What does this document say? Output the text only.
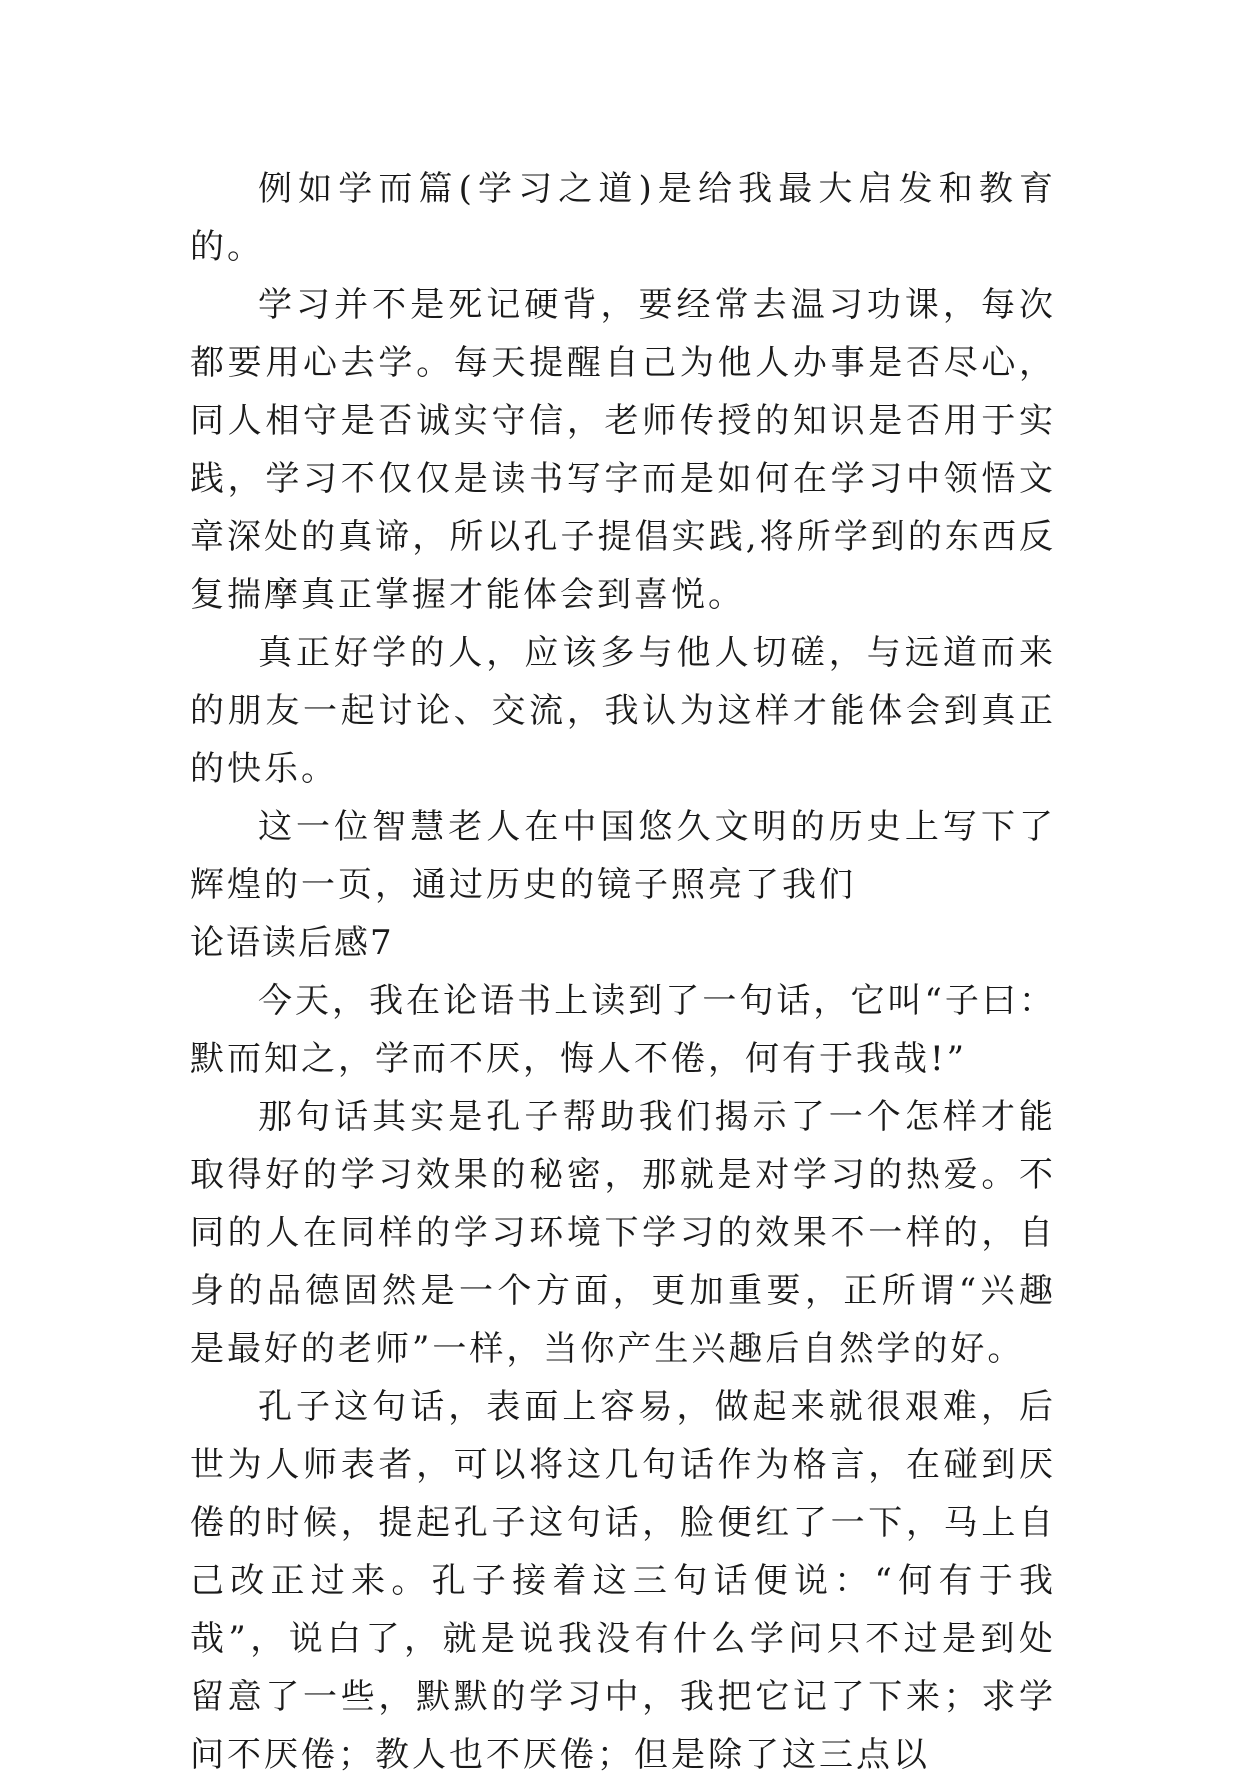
例如学而篇(学习之道)是给我最大启发和教育的。

学习并不是死记硬背，要经常去温习功课，每次都要用心去学。每天提醒自己为他人办事是否尽心，同人相守是否诚实守信，老师传授的知识是否用于实践，学习不仅仅是读书写字而是如何在学习中领悟文章深处的真谛，所以孔子提倡实践,将所学到的东西反复揣摩真正掌握才能体会到喜悦。

真正好学的人，应该多与他人切磋，与远道而来的朋友一起讨论、交流，我认为这样才能体会到真正的快乐。

这一位智慧老人在中国悠久文明的历史上写下了辉煌的一页，通过历史的镜子照亮了我们

论语读后感7

今天，我在论语书上读到了一句话，它叫“子曰：默而知之，学而不厌，悔人不倦，何有于我哉!”

那句话其实是孔子帮助我们揭示了一个怎样才能取得好的学习效果的秘密，那就是对学习的热爱。不同的人在同样的学习环境下学习的效果不一样的，自身的品德固然是一个方面，更加重要，正所谓“兴趣是最好的老师”一样，当你产生兴趣后自然学的好。

孔子这句话，表面上容易，做起来就很艰难，后世为人师表者，可以将这几句话作为格言，在碰到厌倦的时候，提起孔子这句话，脸便红了一下，马上自己改正过来。孔子接着这三句话便说：“何有于我哉”，说白了，就是说我没有什么学问只不过是到处留意了一些，默默的学习中，我把它记了下来；求学问不厌倦；教人也不厌倦；但是除了这三点以
